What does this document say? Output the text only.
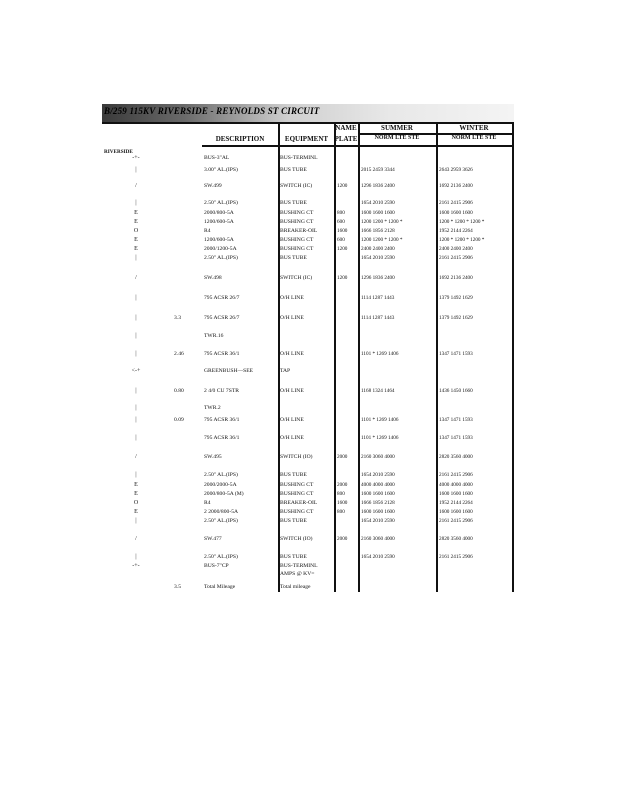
B/259 115KV RIVERSIDE - REYNOLDS ST CIRCUIT
DESCRIPTION	EQUIPMENT
NAME
PLATE
SUMMER	WINTER
NORM LTE STE	NORM LTE STE
RIVERSIDE
-+-	BUS-3"AL	BUS-TERMINL
|	3.00" AL.(IPS)	BUS TUBE	2015 2459 3344	2643 2959 3626
/	SW.499	SWITCH (IC)	1200	1296 1836 2400	1692 2136 2400
|	2.50" AL.(IPS)	BUS TUBE	1654 2010 2590	2161 2415 2906
E	2000/800-5A	BUSHING CT	800	1600 1600 1600	1600 1600 1600
E	1200/600-5A	BUSHING CT	600	1200 1200 * 1200 *	1200 * 1200 * 1200 *
O	R4	BREAKER-OIL	1600	1666 1856 2128	1952 2144 2264
E	1200/600-5A	BUSHING CT	600	1200 1200 * 1200 *	1200 * 1200 * 1200 *
E	2000/1200-5A	BUSHING CT	1200	2400 2400 2400	2400 2400 2400
|	2.50" AL.(IPS)	BUS TUBE	1654 2010 2590	2161 2415 2906
/	SW.498	SWITCH (IC)	1200	1296 1836 2400	1692 2136 2400
|	795 ACSR 26/7	O/H LINE	1114 1287 1443	1379 1492 1629
|	3.3	795 ACSR 26/7	O/H LINE	1114 1287 1443	1379 1492 1629
|	TWR.16
|	2.46	795 ACSR 36/1	O/H LINE	1101 * 1269 1406	1347 1471 1593
<-+	GREENBUSH—SEE	TAP
|	0.80	2 4/0 CU 7STR	O/H LINE	1168 1324 1464	1436 1450 1660
|	TWR.2
|	0.09	795 ACSR 36/1	O/H LINE	1101 * 1269 1406	1347 1471 1593
|	795 ACSR 36/1	O/H LINE	1101 * 1269 1406	1347 1471 1593
/	SW.495	SWITCH (IO)	2000	2160 3060 4000	2820 3560 4000
|	2.50" AL.(IPS)	BUS TUBE	1654 2010 2590	2161 2415 2906
E	2000/2000-5A	BUSHING CT	2000	4000 4000 4000	4000 4000 4000
E	2000/800-5A (M)	BUSHING CT	800	1600 1600 1600	1600 1600 1600
O	R4	BREAKER-OIL	1600	1666 1856 2128	1952 2144 2264
E	2 2000/800-5A	BUSHING CT	800	1600 1600 1600	1600 1600 1600
|	2.50" AL.(IPS)	BUS TUBE	1654 2010 2590	2161 2415 2906
/	SW.477	SWITCH (IO)	2000	2160 3060 4000	2820 3560 4000
|	2.50" AL.(IPS)	BUS TUBE	1654 2010 2590	2161 2415 2906
-+-	BUS-7"CP	BUS-TERMINL
AMPS @ KV=
3.5	Total Mileage	Total mileage
